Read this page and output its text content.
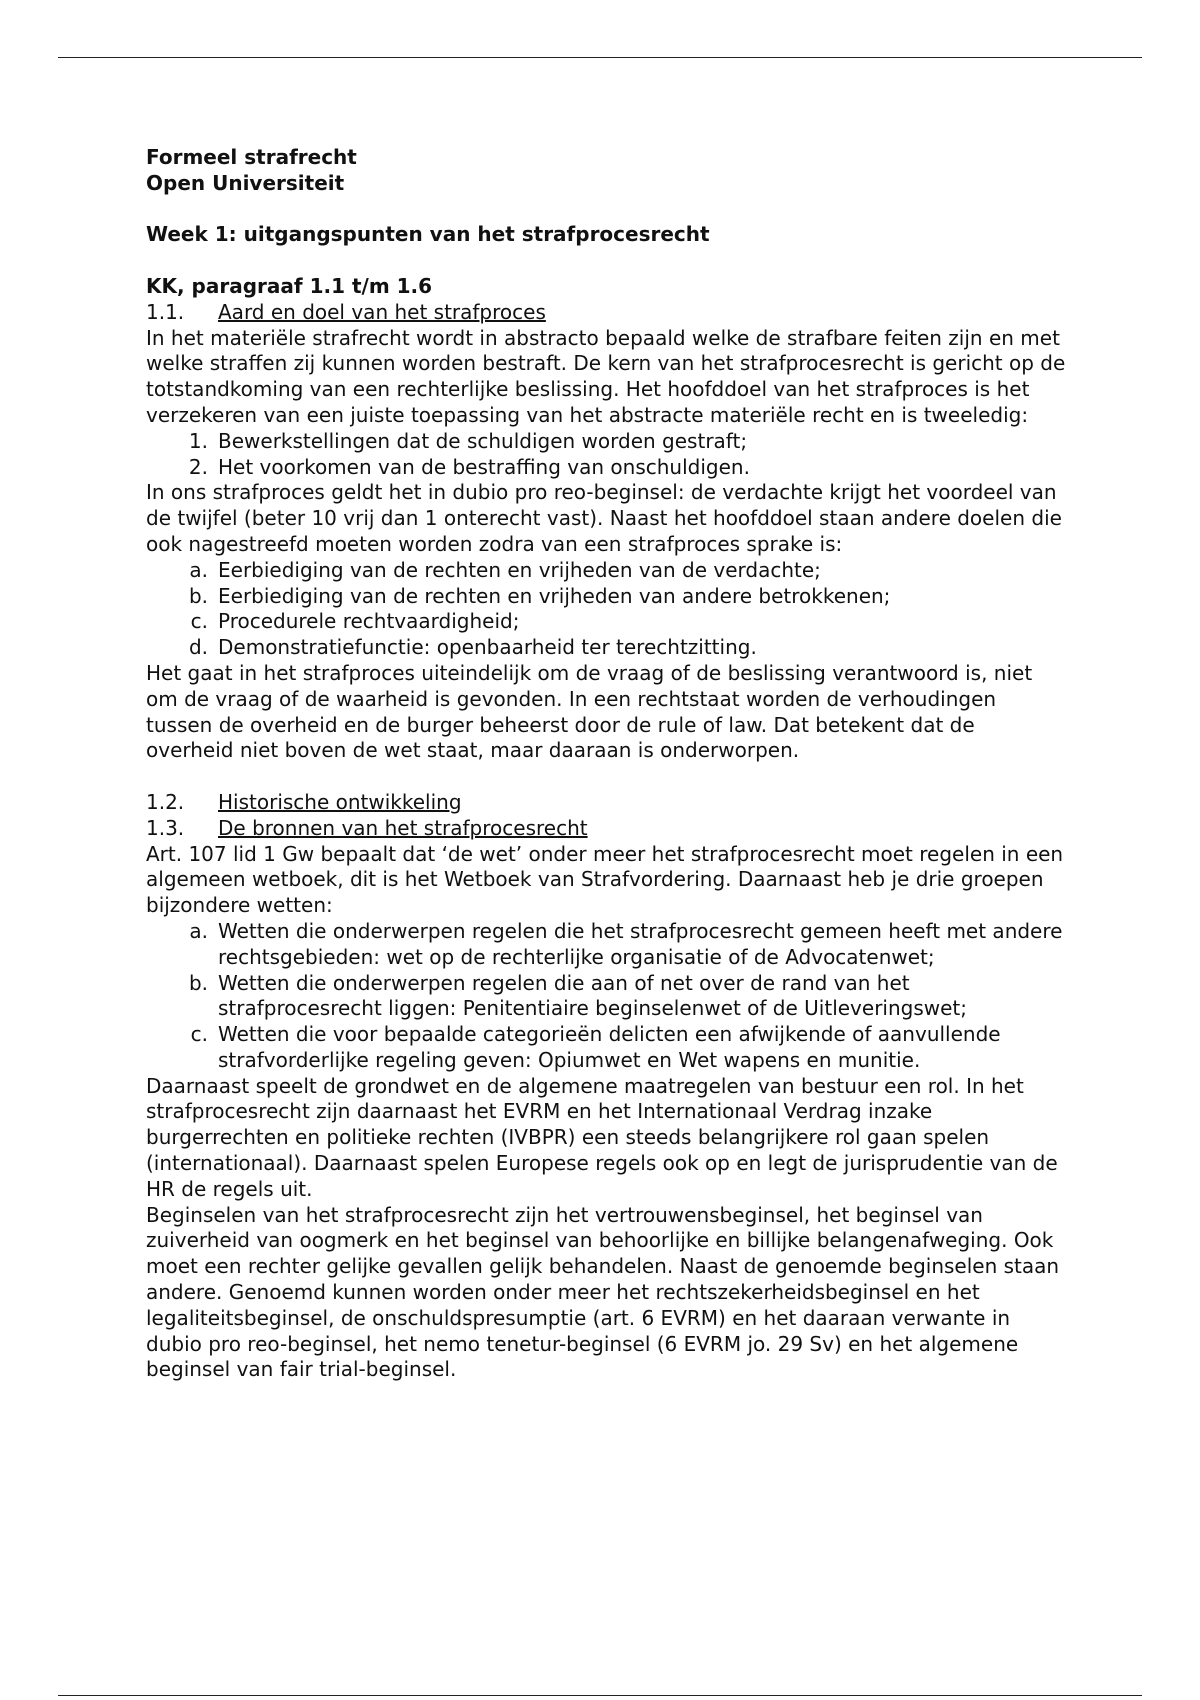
Formeel strafrecht

Open Universiteit

Week 1: uitgangspunten van het strafprocesrecht

KK, paragraaf 1.1 t/m 1.6

1.1.	Aard en doel van het strafproces

In het materiële strafrecht wordt in abstracto bepaald welke de strafbare feiten zijn en met welke straffen zij kunnen worden bestraft. De kern van het strafprocesrecht is gericht op de totstandkoming van een rechterlijke beslissing. Het hoofddoel van het strafproces is het verzekeren van een juiste toepassing van het abstracte materiële recht en is tweeledig:

1. Bewerkstellingen dat de schuldigen worden gestraft;
2. Het voorkomen van de bestraffing van onschuldigen.

In ons strafproces geldt het in dubio pro reo-beginsel: de verdachte krijgt het voordeel van de twijfel (beter 10 vrij dan 1 onterecht vast). Naast het hoofddoel staan andere doelen die ook nagestreefd moeten worden zodra van een strafproces sprake is:

a. Eerbiediging van de rechten en vrijheden van de verdachte;
b. Eerbiediging van de rechten en vrijheden van andere betrokkenen;
c. Procedurele rechtvaardigheid;
d. Demonstratiefunctie: openbaarheid ter terechtzitting.

Het gaat in het strafproces uiteindelijk om de vraag of de beslissing verantwoord is, niet om de vraag of de waarheid is gevonden. In een rechtstaat worden de verhoudingen tussen de overheid en de burger beheerst door de rule of law. Dat betekent dat de overheid niet boven de wet staat, maar daaraan is onderworpen.

1.2.	Historische ontwikkeling
1.3.	De bronnen van het strafprocesrecht

Art. 107 lid 1 Gw bepaalt dat ‘de wet’ onder meer het strafprocesrecht moet regelen in een algemeen wetboek, dit is het Wetboek van Strafvordering. Daarnaast heb je drie groepen bijzondere wetten:

a. Wetten die onderwerpen regelen die het strafprocesrecht gemeen heeft met andere rechtsgebieden: wet op de rechterlijke organisatie of de Advocatenwet;
b. Wetten die onderwerpen regelen die aan of net over de rand van het strafprocesrecht liggen: Penitentiaire beginselenwet of de Uitleveringswet;
c. Wetten die voor bepaalde categorieën delicten een afwijkende of aanvullende strafvorderlijke regeling geven: Opiumwet en Wet wapens en munitie.

Daarnaast speelt de grondwet en de algemene maatregelen van bestuur een rol. In het strafprocesrecht zijn daarnaast het EVRM en het Internationaal Verdrag inzake burgerrechten en politieke rechten (IVBPR) een steeds belangrijkere rol gaan spelen (internationaal). Daarnaast spelen Europese regels ook op en legt de jurisprudentie van de HR de regels uit.

Beginselen van het strafprocesrecht zijn het vertrouwensbeginsel, het beginsel van zuiverheid van oogmerk en het beginsel van behoorlijke en billijke belangenafweging. Ook moet een rechter gelijke gevallen gelijk behandelen. Naast de genoemde beginselen staan andere. Genoemd kunnen worden onder meer het rechtszekerheidsbeginsel en het legaliteitsbeginsel, de onschuldspresumptie (art. 6 EVRM) en het daaraan verwante in dubio pro reo-beginsel, het nemo tenetur-beginsel (6 EVRM jo. 29 Sv) en het algemene beginsel van fair trial-beginsel.
